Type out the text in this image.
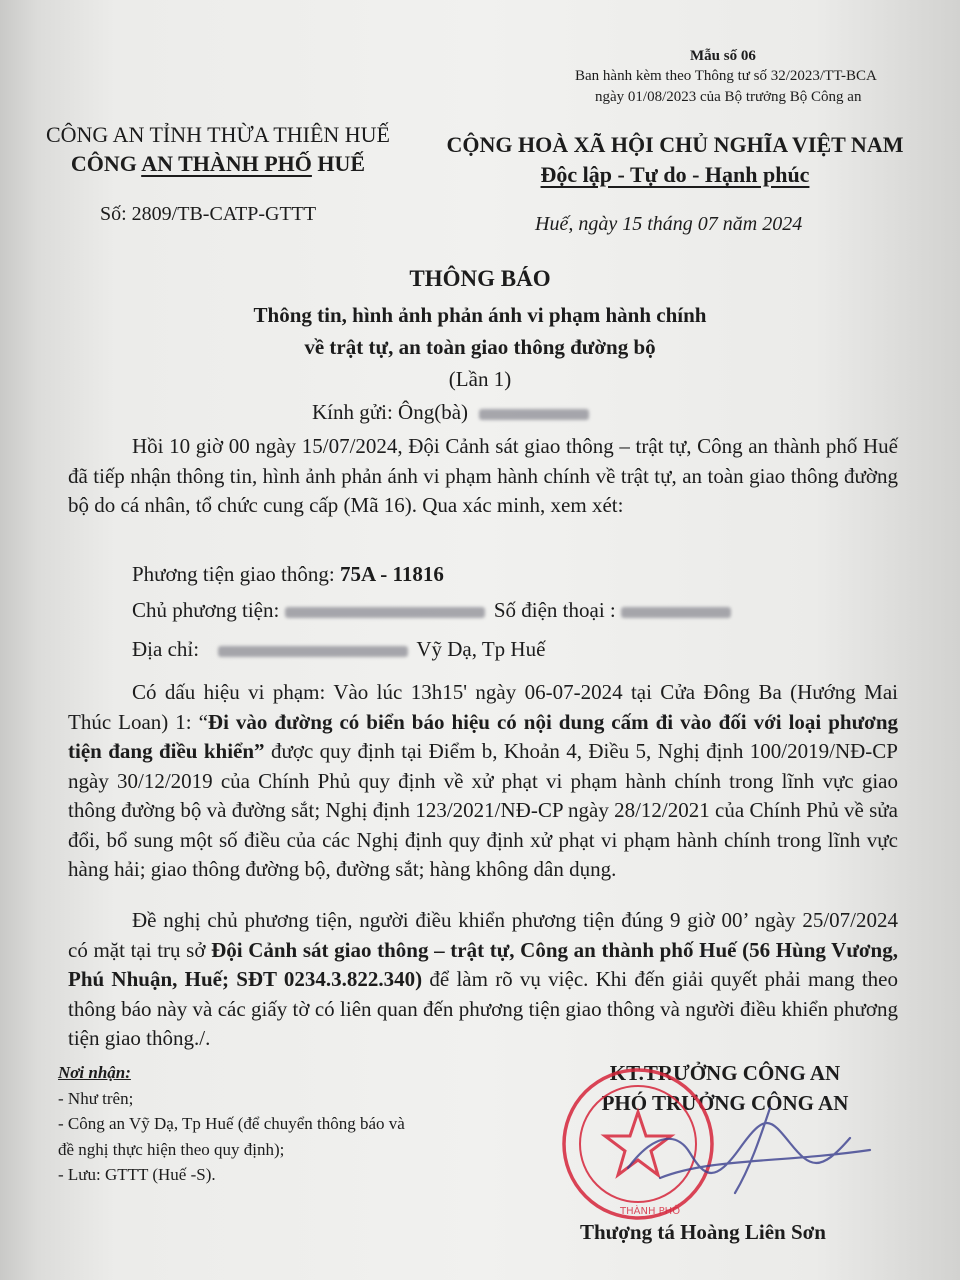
Mẫu số 06
Ban hành kèm theo Thông tư số 32/2023/TT-BCA
ngày 01/08/2023 của Bộ trưởng Bộ Công an
CÔNG AN TỈNH THỪA THIÊN HUẾ
CÔNG AN THÀNH PHỐ HUẾ
Số: 2809/TB-CATP-GTTT
CỘNG HOÀ XÃ HỘI CHỦ NGHĨA VIỆT NAM
Độc lập - Tự do - Hạnh phúc
Huế, ngày 15 tháng 07 năm 2024
THÔNG BÁO
Thông tin, hình ảnh phản ánh vi phạm hành chính
về trật tự, an toàn giao thông đường bộ
(Lần 1)
Kính gửi: Ông(bà)
Hồi 10 giờ 00 ngày 15/07/2024, Đội Cảnh sát giao thông – trật tự, Công an thành phố Huế đã tiếp nhận thông tin, hình ảnh phản ánh vi phạm hành chính về trật tự, an toàn giao thông đường bộ do cá nhân, tổ chức cung cấp (Mã 16). Qua xác minh, xem xét:
Phương tiện giao thông: 75A - 11816
Chủ phương tiện:	Số điện thoại :
Địa chỉ:	Vỹ Dạ, Tp Huế
Có dấu hiệu vi phạm: Vào lúc 13h15' ngày 06-07-2024 tại Cửa Đông Ba (Hướng Mai Thúc Loan) 1: “Đi vào đường có biển báo hiệu có nội dung cấm đi vào đối với loại phương tiện đang điều khiển” được quy định tại Điểm b, Khoản 4, Điều 5, Nghị định 100/2019/NĐ-CP ngày 30/12/2019 của Chính Phủ quy định về xử phạt vi phạm hành chính trong lĩnh vực giao thông đường bộ và đường sắt; Nghị định 123/2021/NĐ-CP ngày 28/12/2021 của Chính Phủ về sửa đổi, bổ sung một số điều của các Nghị định quy định xử phạt vi phạm hành chính trong lĩnh vực hàng hải; giao thông đường bộ, đường sắt; hàng không dân dụng.
Đề nghị chủ phương tiện, người điều khiển phương tiện đúng 9 giờ 00’ ngày 25/07/2024 có mặt tại trụ sở Đội Cảnh sát giao thông – trật tự, Công an thành phố Huế (56 Hùng Vương, Phú Nhuận, Huế; SĐT 0234.3.822.340) để làm rõ vụ việc. Khi đến giải quyết phải mang theo thông báo này và các giấy tờ có liên quan đến phương tiện giao thông và người điều khiển phương tiện giao thông./.
Nơi nhận:
- Như trên;
- Công an Vỹ Dạ, Tp Huế (để chuyển thông báo và
đề nghị thực hiện theo quy định);
- Lưu: GTTT (Huế -S).
KT.TRƯỞNG CÔNG AN
PHÓ TRƯỞNG CÔNG AN
THÀNH PHỐ
Thượng tá Hoàng Liên Sơn
